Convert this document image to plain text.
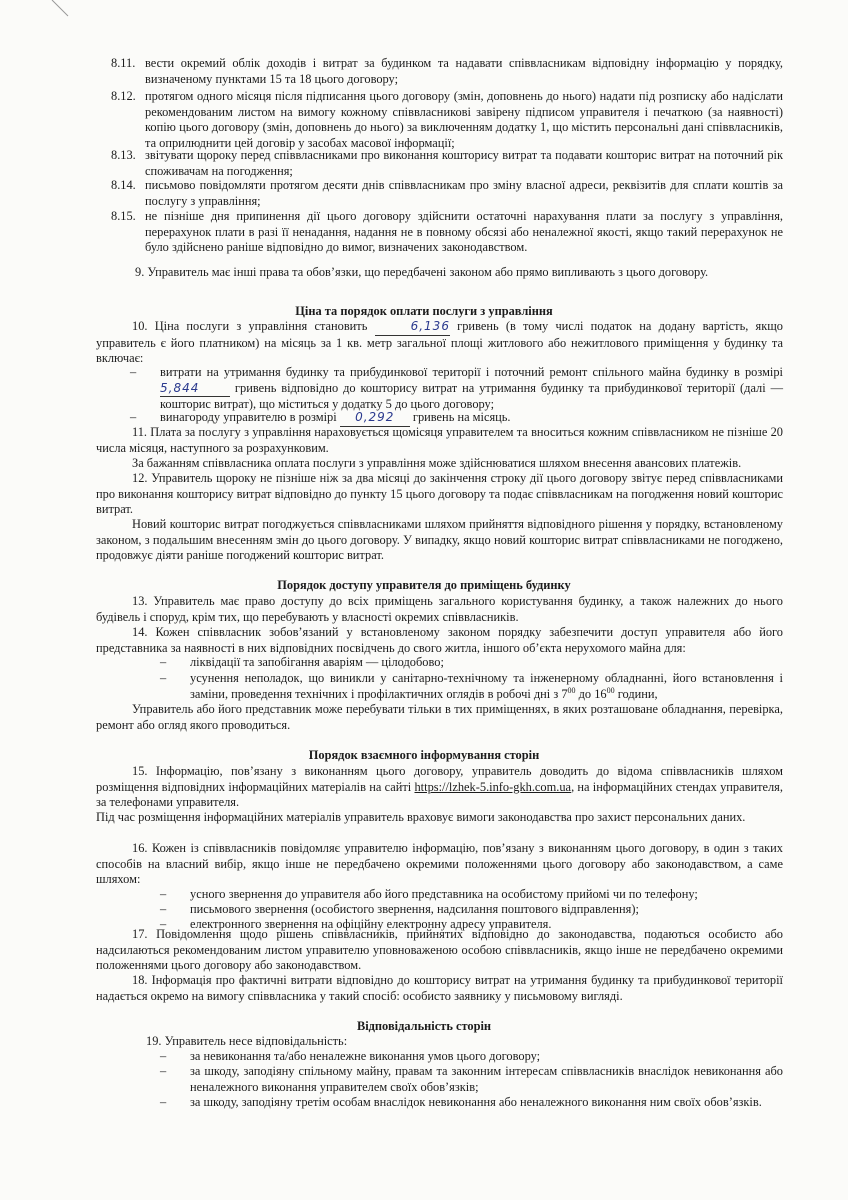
8.11. вести окремий облік доходів і витрат за будинком та надавати співвласникам відповідну інформацію у порядку, визначеному пунктами 15 та 18 цього договору;
8.12. протягом одного місяця після підписання цього договору (змін, доповнень до нього) надати під розписку або надіслати рекомендованим листом на вимогу кожному співвласникові завірену підписом управителя і печаткою (за наявності) копію цього договору (змін, доповнень до нього) за виключенням додатку 1, що містить персональні дані співвласників, та оприлюднити цей договір у засобах масової інформації;
8.13. звітувати щороку перед співвласниками про виконання кошторису витрат та подавати кошторис витрат на поточний рік споживачам на погодження;
8.14. письмово повідомляти протягом десяти днів співвласникам про зміну власної адреси, реквізитів для сплати коштів за послугу з управління;
8.15. не пізніше дня припинення дії цього договору здійснити остаточні нарахування плати за послугу з управління, перерахунок плати в разі її ненадання, надання не в повному обсязі або неналежної якості, якщо такий перерахунок не було здійснено раніше відповідно до вимог, визначених законодавством.
9. Управитель має інші права та обов’язки, що передбачені законом або прямо випливають з цього договору.
Ціна та порядок оплати послуги з управління
10. Ціна послуги з управління становить	6,136 гривень (в тому числі податок на додану вартість, якщо управитель є його платником) на місяць за 1 кв. метр загальної площі житлового або нежитлового приміщення у будинку та включає:
– витрати на утримання будинку та прибудинкової території і поточний ремонт спільного майна будинку в розмірі 5,844	гривень відповідно до кошторису витрат на утримання будинку та прибудинкової території (далі — кошторис витрат), що міститься у додатку 5 до цього договору;
– винагороду управителю в розмірі 0,292 гривень на місяць.
11. Плата за послугу з управління нараховується щомісяця управителем та вноситься кожним співвласником не пізніше 20 числа місяця, наступного за розрахунковим.
За бажанням співвласника оплата послуги з управління може здійснюватися шляхом внесення авансових платежів.
12. Управитель щороку не пізніше ніж за два місяці до закінчення строку дії цього договору звітує перед співвласниками про виконання кошторису витрат відповідно до пункту 15 цього договору та подає співвласникам на погодження новий кошторис витрат.
Новий кошторис витрат погоджується співвласниками шляхом прийняття відповідного рішення у порядку, встановленому законом, з подальшим внесенням змін до цього договору. У випадку, якщо новий кошторис витрат співвласниками не погоджено, продовжує діяти раніше погоджений кошторис витрат.
Порядок доступу управителя до приміщень будинку
13. Управитель має право доступу до всіх приміщень загального користування будинку, а також належних до нього будівель і споруд, крім тих, що перебувають у власності окремих співвласників.
14. Кожен співвласник зобов’язаний у встановленому законом порядку забезпечити доступ управителя або його представника за наявності в них відповідних посвідчень до свого житла, іншого об’єкта нерухомого майна для:
– ліквідації та запобігання аваріям — цілодобово;
– усунення неполадок, що виникли у санітарно-технічному та інженерному обладнанні, його встановлення і заміни, проведення технічних і профілактичних оглядів в робочі дні з $7^{00}$ до $16^{00}$ години,
Управитель або його представник може перебувати тільки в тих приміщеннях, в яких розташоване обладнання, перевірка, ремонт або огляд якого проводиться.
Порядок взаємного інформування сторін
15. Інформацію, пов’язану з виконанням цього договору, управитель доводить до відома співвласників шляхом розміщення відповідних інформаційних матеріалів на сайті https://lzhek-5.info-gkh.com.ua, на інформаційних стендах управителя, за телефонами управителя.
Під час розміщення інформаційних матеріалів управитель враховує вимоги законодавства про захист персональних даних.
16. Кожен із співвласників повідомляє управителю інформацію, пов’язану з виконанням цього договору, в один з таких способів на власний вибір, якщо інше не передбачено окремими положеннями цього договору або законодавством, а саме шляхом:
– усного звернення до управителя або його представника на особистому прийомі чи по телефону;
– письмового звернення (особистого звернення, надсилання поштового відправлення);
– електронного звернення на офіційну електронну адресу управителя.
17. Повідомлення щодо рішень співвласників, прийнятих відповідно до законодавства, подаються особисто або надсилаються рекомендованим листом управителю уповноваженою особою співвласників, якщо інше не передбачено окремими положеннями цього договору або законодавством.
18. Інформація про фактичні витрати відповідно до кошторису витрат на утримання будинку та прибудинкової території надається окремо на вимогу співвласника у такий спосіб: особисто заявнику у письмовому вигляді.
Відповідальність сторін
19. Управитель несе відповідальність:
– за невиконання та/або неналежне виконання умов цього договору;
– за шкоду, заподіяну спільному майну, правам та законним інтересам співвласників внаслідок невиконання або неналежного виконання управителем своїх обов’язків;
– за шкоду, заподіяну третім особам внаслідок невиконання або неналежного виконання ним своїх обов’язків.
